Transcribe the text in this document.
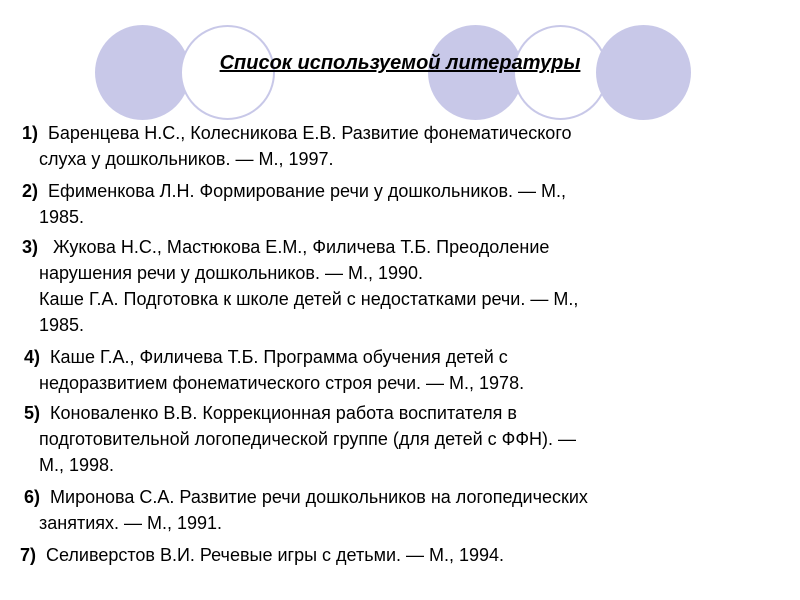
Список используемой литературы
1)  Баренцева Н.С., Колесникова Е.В. Развитие фонематического
слуха у дошкольников. — М., 1997.
2)  Ефименкова Л.Н. Формирование речи у дошкольников. — М.,
1985.
3)   Жукова Н.С., Мастюкова Е.М., Филичева Т.Б. Преодоление
нарушения речи у дошкольников. — М., 1990.
Каше Г.А. Подготовка к школе детей с недостатками речи. — М.,
1985.
4)  Каше Г.А., Филичева Т.Б. Программа обучения детей с
недоразвитием фонематического строя речи. — М., 1978.
5)  Коноваленко В.В. Коррекционная работа воспитателя в
подготовительной логопедической группе (для детей с ФФН). —
М., 1998.
6)  Миронова С.А. Развитие речи дошкольников на логопедических
занятиях. — М., 1991.
7)  Селиверстов В.И. Речевые игры с детьми. — М., 1994.
